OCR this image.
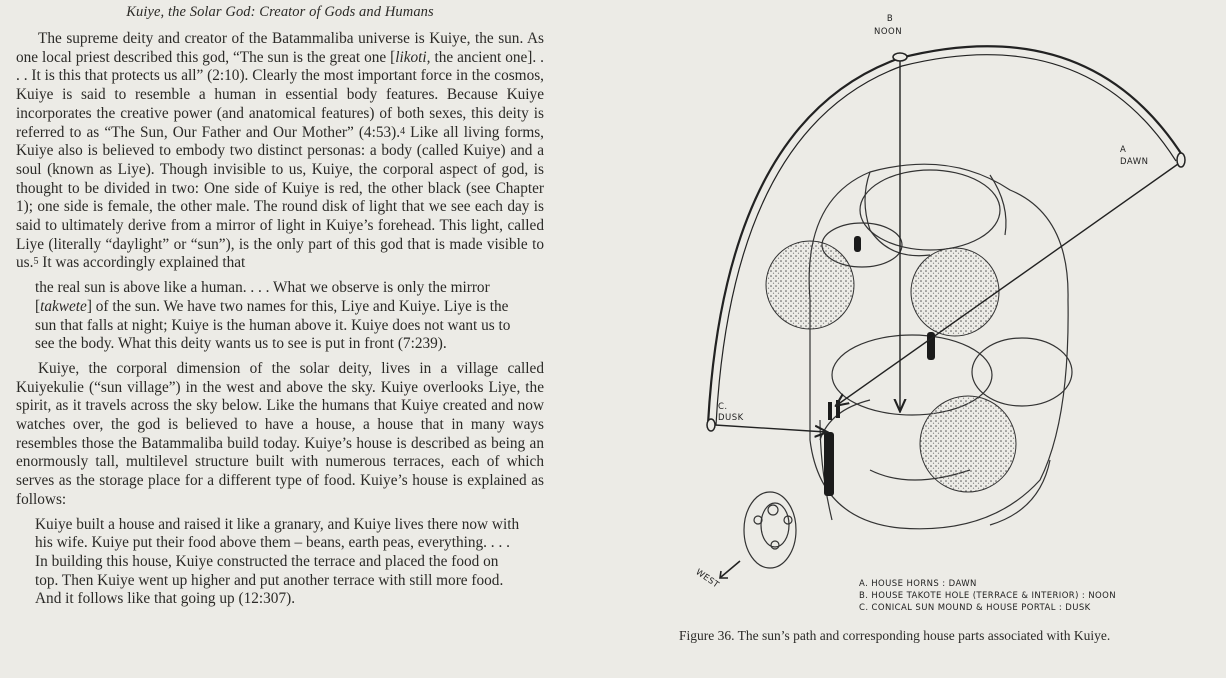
Kuiye, the Solar God: Creator of Gods and Humans

The supreme deity and creator of the Batammaliba universe is Kuiye, the sun. As one local priest described this god, “The sun is the great one [likoti, the ancient one]. . . . It is this that protects us all” (2:10). Clearly the most important force in the cosmos, Kuiye is said to resemble a human in essential body features. Because Kuiye incorporates the creative power (and anatomical features) of both sexes, this deity is referred to as “The Sun, Our Father and Our Mother” (4:53).$^4$ Like all living forms, Kuiye also is believed to embody two distinct personas: a body (called Kuiye) and a soul (known as Liye). Though invisible to us, Kuiye, the corporal aspect of god, is thought to be divided in two: One side of Kuiye is red, the other black (see Chapter 1); one side is female, the other male. The round disk of light that we see each day is said to ultimately derive from a mirror of light in Kuiye’s forehead. This light, called Liye (literally “daylight” or “sun”), is the only part of this god that is made visible to us.$^5$ It was accordingly explained that

the real sun is above like a human. . . . What we observe is only the mirror [takwete] of the sun. We have two names for this, Liye and Kuiye. Liye is the sun that falls at night; Kuiye is the human above it. Kuiye does not want us to see the body. What this deity wants us to see is put in front (7:239).

Kuiye, the corporal dimension of the solar deity, lives in a village called Kuiyekulie (“sun village”) in the west and above the sky. Kuiye overlooks Liye, the spirit, as it travels across the sky below. Like the humans that Kuiye created and now watches over, the god is believed to have a house, a house that in many ways resembles those the Batammaliba build today. Kuiye’s house is described as being an enormously tall, multilevel structure built with numerous terraces, each of which serves as the storage place for a different type of food. Kuiye’s house is explained as follows:

Kuiye built a house and raised it like a granary, and Kuiye lives there now with his wife. Kuiye put their food above them – beans, earth peas, everything. . . . In building this house, Kuiye constructed the terrace and placed the food on top. Then Kuiye went up higher and put another terrace with still more food. And it follows like that going up (12:307).

B
NOON
A
DAWN
C.
DUSK
WEST	A. HOUSE HORNS : DAWN
B. HOUSE TAKOTE HOLE (TERRACE & INTERIOR) : NOON
C. CONICAL SUN MOUND & HOUSE PORTAL : DUSK
Figure 36. The sun’s path and corresponding house parts associated with Kuiye.
